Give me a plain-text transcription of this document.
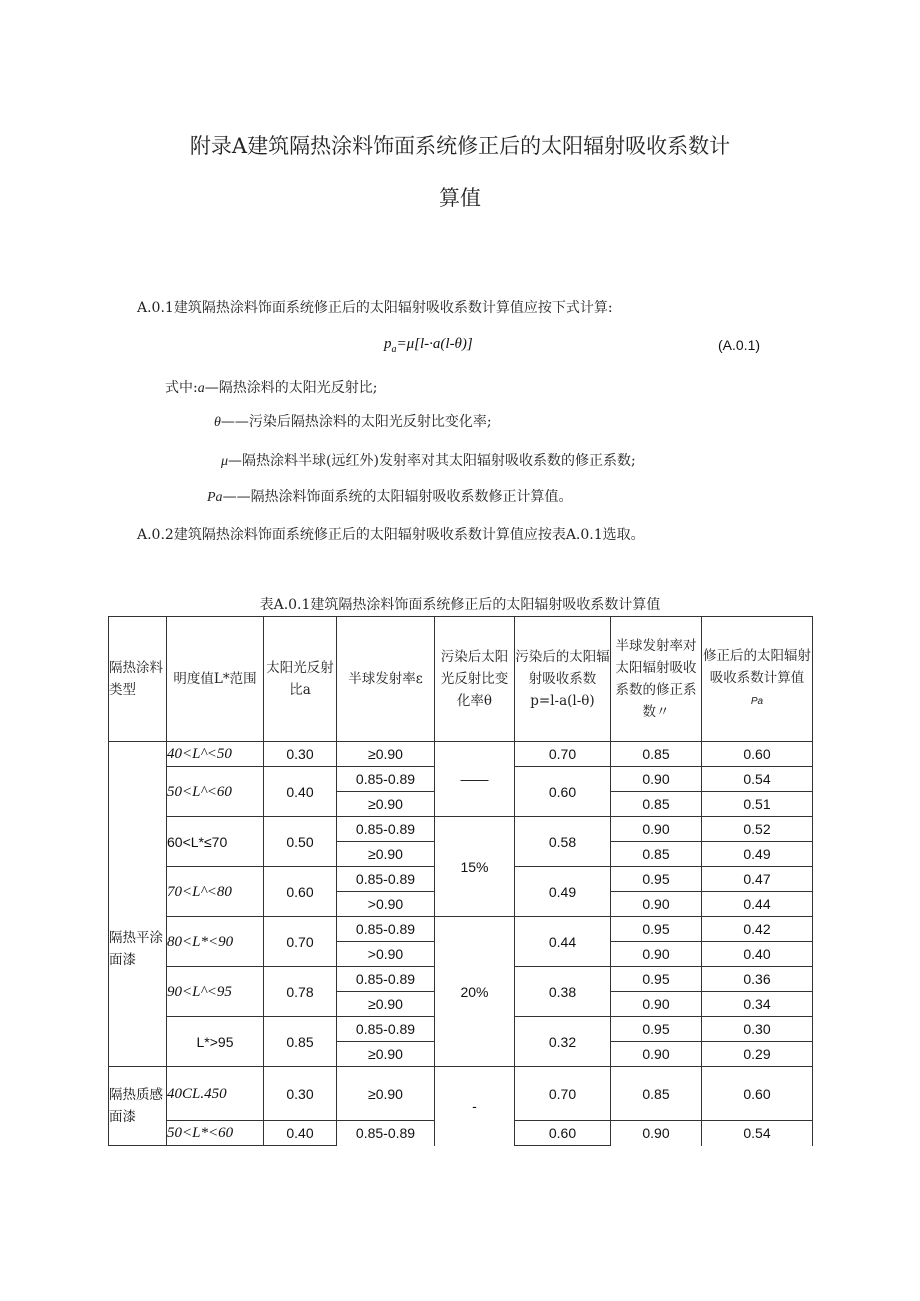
附录A建筑隔热涂料饰面系统修正后的太阳辐射吸收系数计
算值
A.0.1建筑隔热涂料饰面系统修正后的太阳辐射吸收系数计算值应按下式计算:
$p_a=\mu[l-\cdot a(l-\theta)]$	(A.0.1)
式中:a—隔热涂料的太阳光反射比;
θ——污染后隔热涂料的太阳光反射比变化率;
μ—隔热涂料半球(远红外)发射率对其太阳辐射吸收系数的修正系数;
Pa——隔热涂料饰面系统的太阳辐射吸收系数修正计算值。
A.0.2建筑隔热涂料饰面系统修正后的太阳辐射吸收系数计算值应按表A.0.1选取。
表A.0.1建筑隔热涂料饰面系统修正后的太阳辐射吸收系数计算值
隔热涂料类型	明度值L*范围	太阳光反射比a	半球发射率ε	污染后太阳光反射比变化率θ	污染后的太阳辐射吸收系数p=l-a(l-θ)	半球发射率对太阳辐射吸收系数的修正系数〃	修正后的太阳辐射吸收系数计算值
Pa
隔热平涂面漆	40<L^<50	0.30	≥0.90	——	0.70	0.85	0.60
	50<L^<60	0.40	0.85-0.89		0.60	0.90	0.54
			≥0.90			0.85	0.51
	60<L*≤70	0.50	0.85-0.89	15%	0.58	0.90	0.52
			≥0.90			0.85	0.49
	70<L^<80	0.60	0.85-0.89		0.49	0.95	0.47
			>0.90			0.90	0.44
	80<L*<90	0.70	0.85-0.89	20%	0.44	0.95	0.42
			>0.90			0.90	0.40
	90<L^<95	0.78	0.85-0.89		0.38	0.95	0.36
			≥0.90			0.90	0.34
	L*>95	0.85	0.85-0.89		0.32	0.95	0.30
			≥0.90			0.90	0.29
隔热质感面漆	40CL.450	0.30	≥0.90	-	0.70	0.85	0.60
	50<L*<60	0.40	0.85-0.89		0.60	0.90	0.54
